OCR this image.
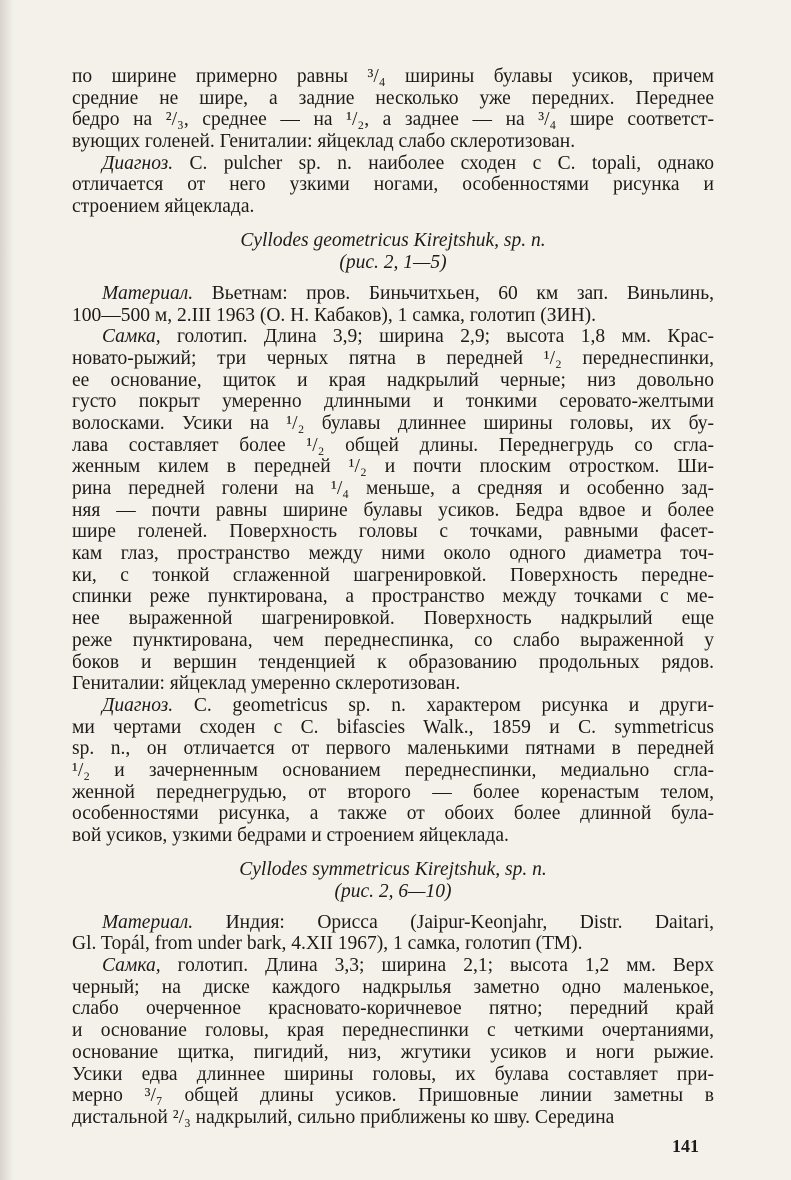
по ширине примерно равны ³/₄ ширины булавы усиков, причем
средние не шире, а задние несколько уже передних. Переднее
бедро на ²/₃, среднее — на ¹/₂, а заднее — на ³/₄ шире соответст-
вующих голеней. Гениталии: яйцеклад слабо склеротизован.
Диагноз. C. pulcher sp. n. наиболее сходен с C. topali, однако
отличается от него узкими ногами, особенностями рисунка и
строением яйцеклада.
Cyllodes geometricus Kirejtshuk, sp. n.
(рис. 2, 1—5)
Материал. Вьетнам: пров. Биньчитхьен, 60 км зап. Виньлинь,
100—500 м, 2.III 1963 (О. Н. Кабаков), 1 самка, голотип (ЗИН).
Самка, голотип. Длина 3,9; ширина 2,9; высота 1,8 мм. Крас-
новато-рыжий; три черных пятна в передней ¹/₂ переднеспинки,
ее основание, щиток и края надкрылий черные; низ довольно
густо покрыт умеренно длинными и тонкими серовато-желтыми
волосками. Усики на ¹/₂ булавы длиннее ширины головы, их бу-
лава составляет более ¹/₂ общей длины. Переднегрудь со сгла-
женным килем в передней ¹/₂ и почти плоским отростком. Ши-
рина передней голени на ¹/₄ меньше, а средняя и особенно зад-
няя — почти равны ширине булавы усиков. Бедра вдвое и более
шире голеней. Поверхность головы с точками, равными фасет-
кам глаз, пространство между ними около одного диаметра точ-
ки, с тонкой сглаженной шагренировкой. Поверхность передне-
спинки реже пунктирована, а пространство между точками с ме-
нее выраженной шагренировкой. Поверхность надкрылий еще
реже пунктирована, чем переднеспинка, со слабо выраженной у
боков и вершин тенденцией к образованию продольных рядов.
Гениталии: яйцеклад умеренно склеротизован.
Диагноз. C. geometricus sp. n. характером рисунка и други-
ми чертами сходен с C. bifascies Walk., 1859 и C. symmetricus
sp. n., он отличается от первого маленькими пятнами в передней
¹/₂ и зачерненным основанием переднеспинки, медиально сгла-
женной переднегрудью, от второго — более коренастым телом,
особенностями рисунка, а также от обоих более длинной була-
вой усиков, узкими бедрами и строением яйцеклада.
Cyllodes symmetricus Kirejtshuk, sp. n.
(рис. 2, 6—10)
Материал. Индия: Орисса (Jaipur-Keonjahr, Distr. Daitari,
Gl. Topál, from under bark, 4.XII 1967), 1 самка, голотип (ТМ).
Самка, голотип. Длина 3,3; ширина 2,1; высота 1,2 мм. Верх
черный; на диске каждого надкрылья заметно одно маленькое,
слабо очерченное красновато-коричневое пятно; передний край
и основание головы, края переднеспинки с четкими очертаниями,
основание щитка, пигидий, низ, жгутики усиков и ноги рыжие.
Усики едва длиннее ширины головы, их булава составляет при-
мерно ³/₇ общей длины усиков. Пришовные линии заметны в
дистальной ²/₃ надкрылий, сильно приближены ко шву. Середина
141
